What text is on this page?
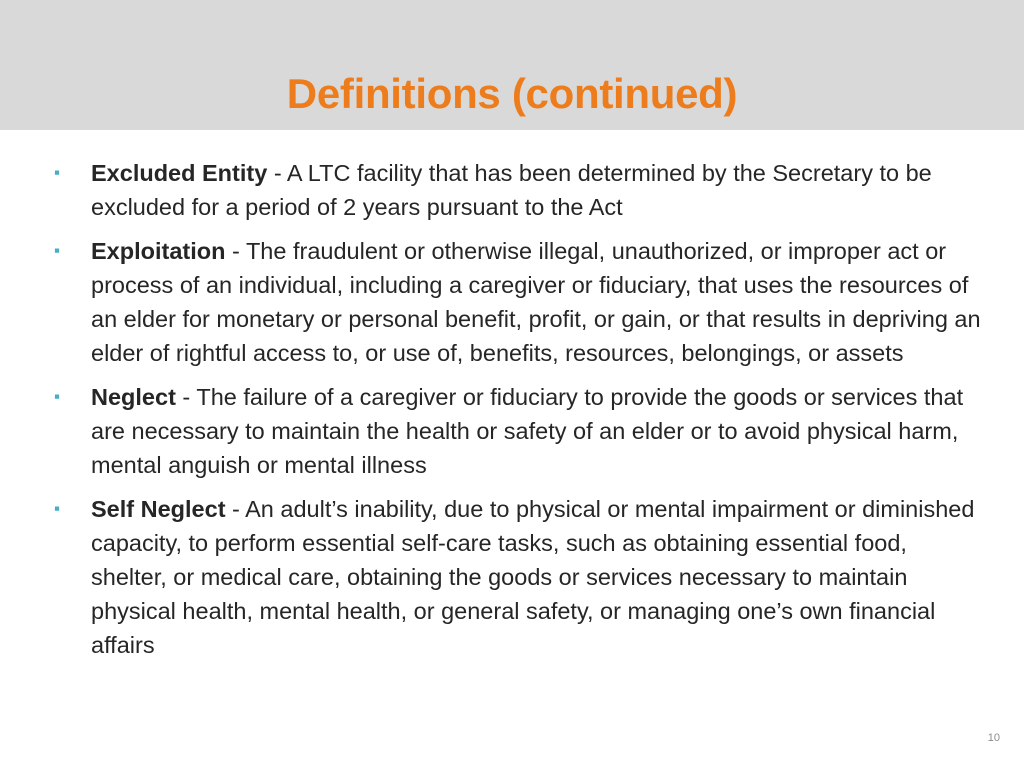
Definitions (continued)
▪ Excluded Entity - A LTC facility that has been determined by the Secretary to be excluded for a period of 2 years pursuant to the Act
▪ Exploitation - The fraudulent or otherwise illegal, unauthorized, or improper act or process of an individual, including a caregiver or fiduciary, that uses the resources of an elder for monetary or personal benefit, profit, or gain, or that results in depriving an elder of rightful access to, or use of, benefits, resources, belongings, or assets
▪ Neglect - The failure of a caregiver or fiduciary to provide the goods or services that are necessary to maintain the health or safety of an elder or to avoid physical harm, mental anguish or mental illness
▪ Self Neglect - An adult’s inability, due to physical or mental impairment or diminished capacity, to perform essential self-care tasks, such as obtaining essential food, shelter, or medical care, obtaining the goods or services necessary to maintain physical health, mental health, or general safety, or managing one’s own financial affairs
10
